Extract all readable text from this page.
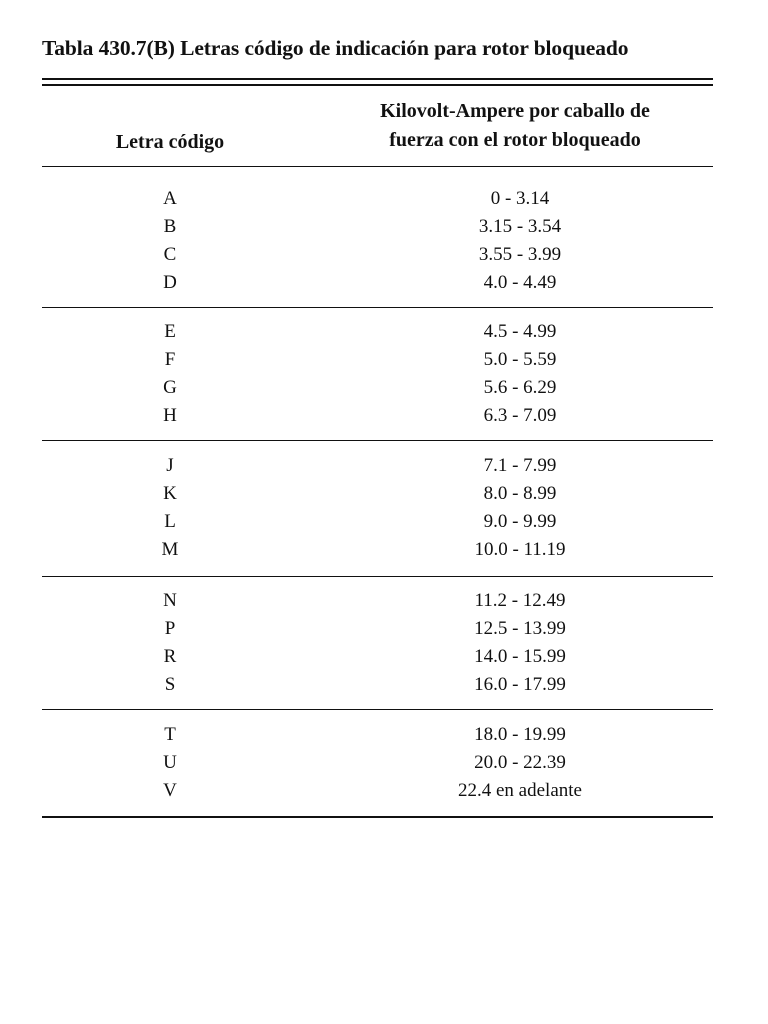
Tabla 430.7(B) Letras código de indicación para rotor bloqueado
Letra código
Kilovolt-Ampere por caballo de
fuerza con el rotor bloqueado
A	0 - 3.14
B	3.15 - 3.54
C	3.55 - 3.99
D	4.0 - 4.49
E	4.5 - 4.99
F	5.0 - 5.59
G	5.6 - 6.29
H	6.3 - 7.09
J	7.1 - 7.99
K	8.0 - 8.99
L	9.0 - 9.99
M	10.0 - 11.19
N	11.2 - 12.49
P	12.5 - 13.99
R	14.0 - 15.99
S	16.0 - 17.99
T	18.0 - 19.99
U	20.0 - 22.39
V	22.4 en adelante
